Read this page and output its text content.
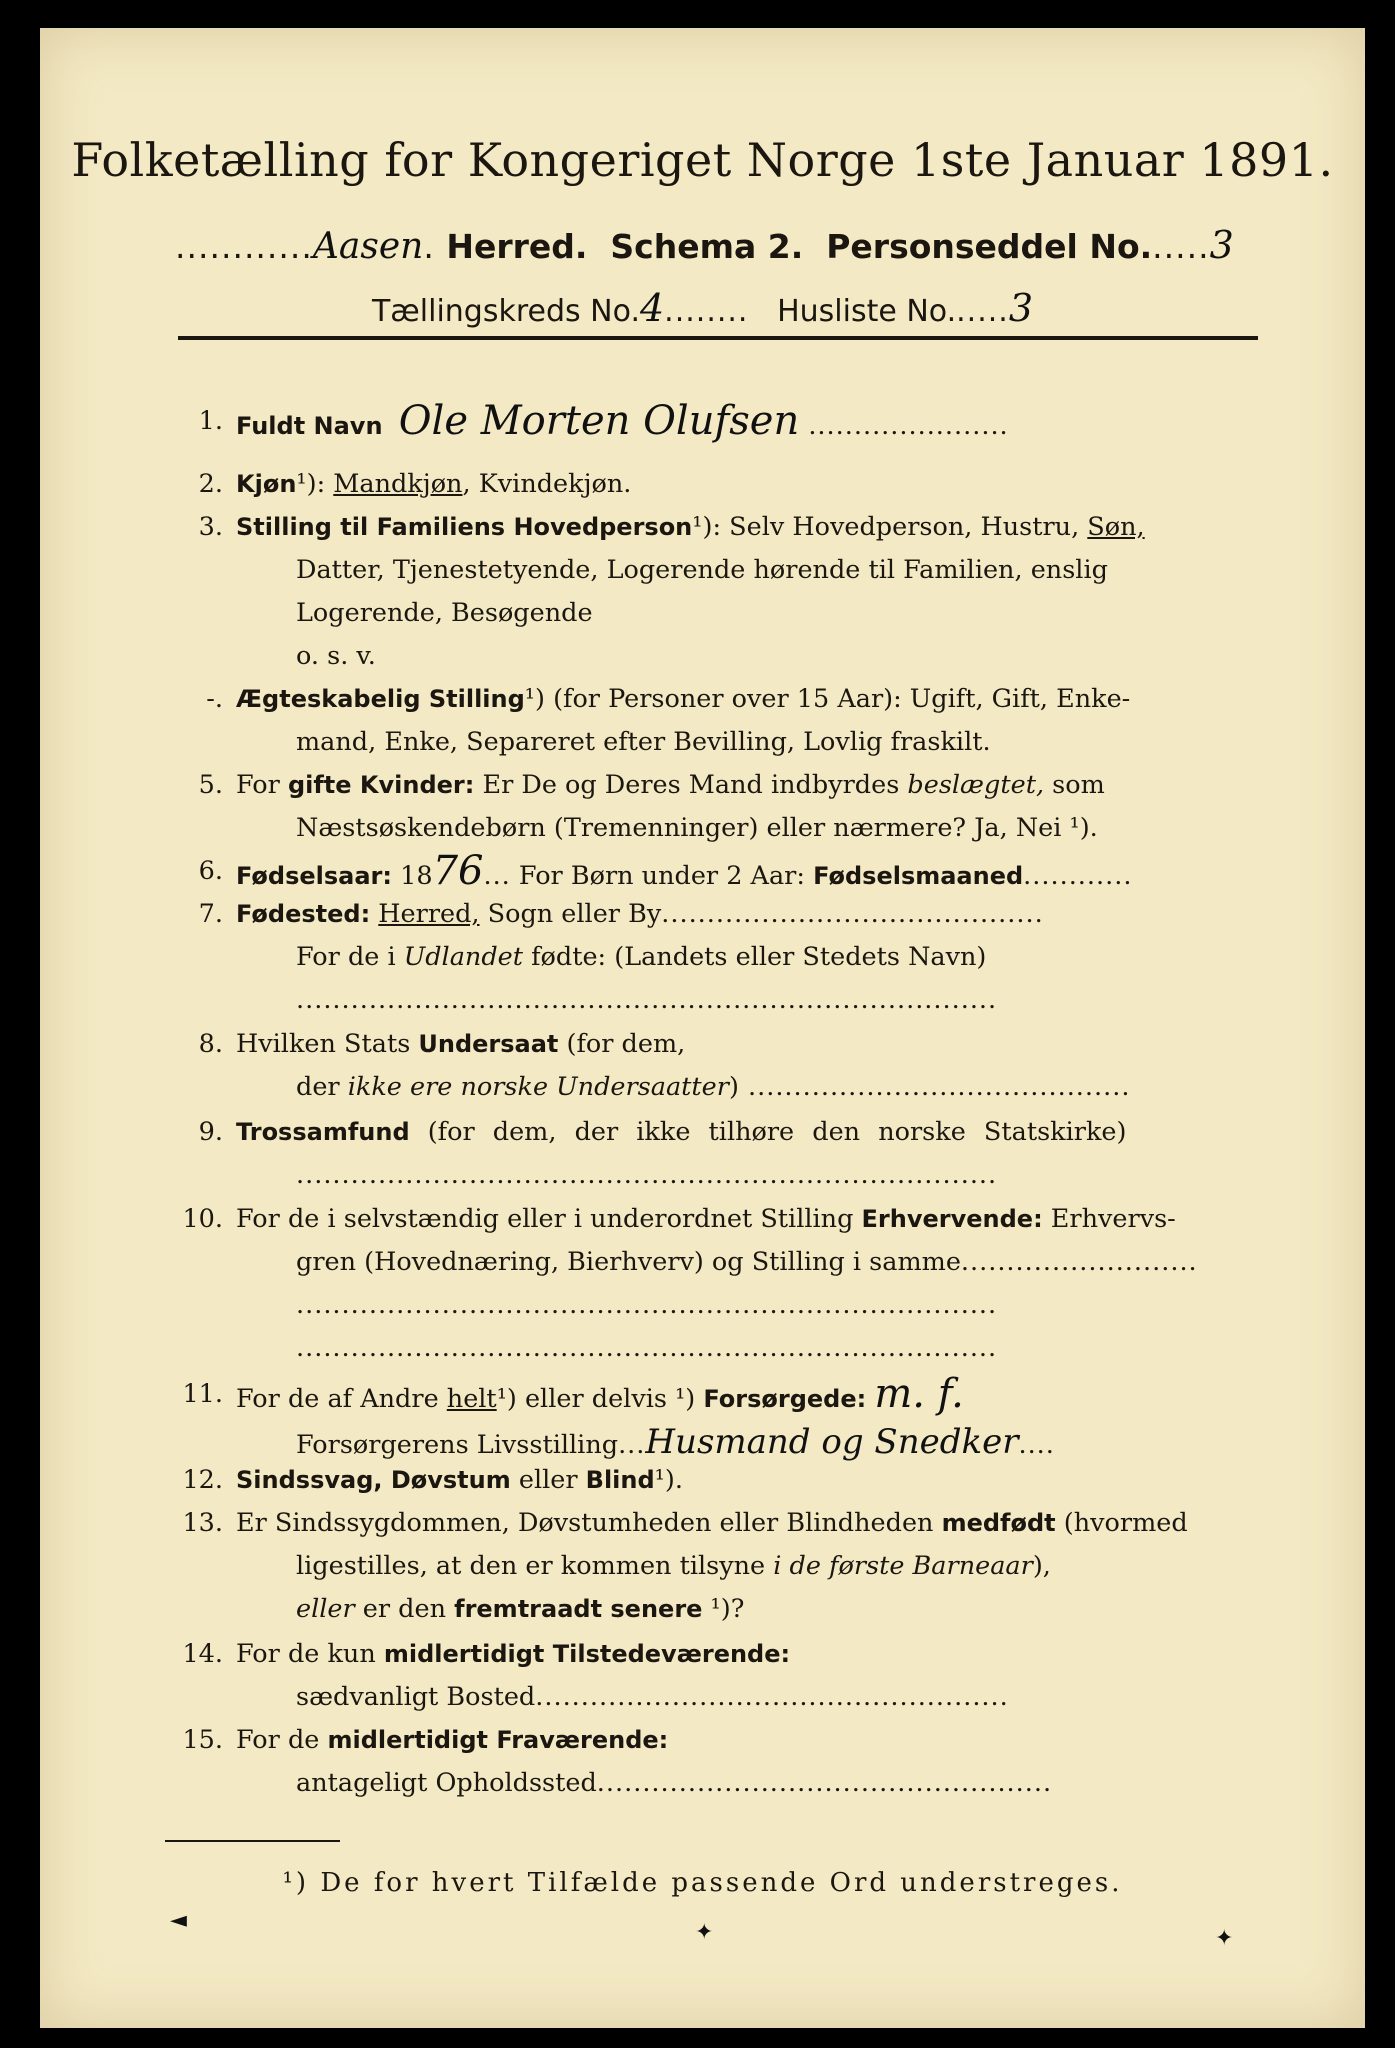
Folketælling for Kongeriget Norge 1ste Januar 1891.
............Aasen. Herred. Schema 2. Personseddel No......3
Tællingskreds No.4........ Husliste No......3
1. Fuldt Navn Ole Morten Olufsen ......................
2. Kjøn¹): Mandkjøn, Kvindekjøn.
3. Stilling til Familiens Hovedperson¹): Selv Hovedperson, Hustru, Søn,
Datter, Tjenestetyende, Logerende hørende til Familien, enslig
Logerende, Besøgende
o. s. v.
-. Ægteskabelig Stilling¹) (for Personer over 15 Aar): Ugift, Gift, Enke-
mand, Enke, Separeret efter Bevilling, Lovlig fraskilt.
5. For gifte Kvinder: Er De og Deres Mand indbyrdes beslægtet, som
Næstsøskendebørn (Tremenninger) eller nærmere? Ja, Nei ¹).
6. Fødselsaar: 1876... For Børn under 2 Aar: Fødselsmaaned............
7. Fødested: Herred, Sogn eller By..........................................
For de i Udlandet fødte: (Landets eller Stedets Navn)
.............................................................................
8. Hvilken Stats Undersaat (for dem,
der ikke ere norske Undersaatter) ..........................................
9. Trossamfund (for dem, der ikke tilhøre den norske Statskirke)
.............................................................................
10. For de i selvstændig eller i underordnet Stilling Erhvervende: Erhvervs-
gren (Hovednæring, Bierhverv) og Stilling i samme..........................
.............................................................................
.............................................................................
11. For de af Andre helt¹) eller delvis ¹) Forsørgede: m. f.
Forsørgerens Livsstilling...Husmand og Snedker....
12. Sindssvag, Døvstum eller Blind¹).
13. Er Sindssygdommen, Døvstumheden eller Blindheden medfødt (hvormed
ligestilles, at den er kommen tilsyne i de første Barneaar),
eller er den fremtraadt senere ¹)?
14. For de kun midlertidigt Tilstedeværende:
sædvanligt Bosted....................................................
15. For de midlertidigt Fraværende:
antageligt Opholdssted..................................................
¹) De for hvert Tilfælde passende Ord understreges.
◄	✦	✦
